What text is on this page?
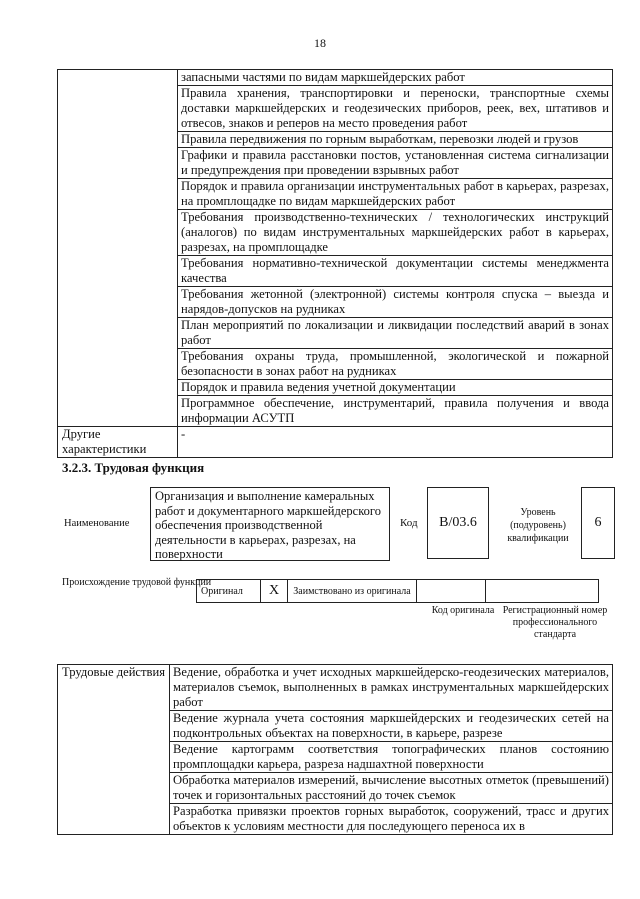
18
	запасными частями по видам маркшейдерских работ
	Правила хранения, транспортировки и переноски, транспортные схемы доставки маркшейдерских и геодезических приборов, реек, вех, штативов и отвесов, знаков и реперов на место проведения работ
	Правила передвижения по горным выработкам, перевозки людей и грузов
	Графики и правила расстановки постов, установленная система сигнализации и предупреждения при проведении взрывных работ
	Порядок и правила организации инструментальных работ в карьерах, разрезах, на промплощадке по видам маркшейдерских работ
	Требования производственно-технических / технологических инструкций (аналогов) по видам инструментальных маркшейдерских работ в карьерах, разрезах, на промплощадке
	Требования нормативно-технической документации системы менеджмента качества
	Требования жетонной (электронной) системы контроля спуска – выезда и нарядов-допусков на рудниках
	План мероприятий по локализации и ликвидации последствий аварий в зонах работ
	Требования охраны труда, промышленной, экологической и пожарной безопасности в зонах работ на рудниках
	Порядок и правила ведения учетной документации
	Программное обеспечение, инструментарий, правила получения и ввода информации АСУТП
Другие характеристики	-
3.2.3. Трудовая функция
Наименование
Организация и выполнение камеральных работ и документарного маркшейдерского обеспечения производственной деятельности в карьерах, разрезах, на поверхности
Код	В/03.6
Уровень (подуровень) квалификации
6
Происхождение трудовой функции
Оригинал	X	Заимствовано из оригинала		
Код оригинала Регистрационный номер профессионального стандарта
Трудовые действия	Ведение, обработка и учет исходных маркшейдерско-геодезических материалов, материалов съемок, выполненных в рамках инструментальных маркшейдерских работ
Ведение журнала учета состояния маркшейдерских и геодезических сетей на подконтрольных объектах на поверхности, в карьере, разрезе
Ведение картограмм соответствия топографических планов состоянию промплощадки карьера, разреза надшахтной поверхности
Обработка материалов измерений, вычисление высотных отметок (превышений) точек и горизонтальных расстояний до точек съемок
Разработка привязки проектов горных выработок, сооружений, трасс и других объектов к условиям местности для последующего переноса их в
